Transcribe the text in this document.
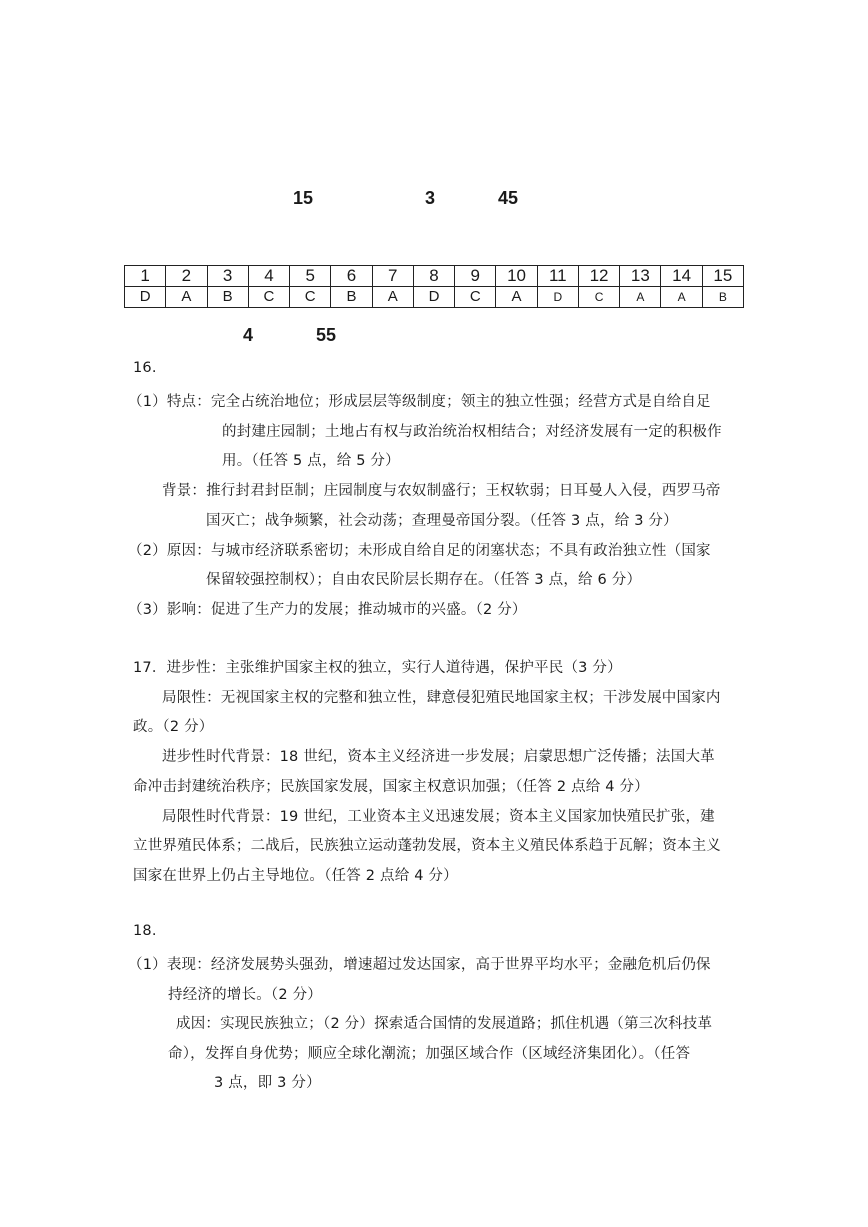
15	3	45
1	2	3	4	5	6	7	8	9	10	11	12	13	14	15
D	A	B	C	C	B	A	D	C	A	D	C	A	A	B
4	55
16.
（1）特点：完全占统治地位；形成层层等级制度；领主的独立性强；经营方式是自给自足
的封建庄园制；土地占有权与政治统治权相结合；对经济发展有一定的积极作
用。（任答 5 点，给 5 分）
背景：推行封君封臣制；庄园制度与农奴制盛行；王权软弱；日耳曼人入侵，西罗马帝
国灭亡；战争频繁，社会动荡；查理曼帝国分裂。（任答 3 点，给 3 分）
（2）原因：与城市经济联系密切；未形成自给自足的闭塞状态；不具有政治独立性（国家
保留较强控制权）；自由农民阶层长期存在。（任答 3 点，给 6 分）
（3）影响：促进了生产力的发展；推动城市的兴盛。（2 分）
17．进步性：主张维护国家主权的独立，实行人道待遇，保护平民（3 分）
局限性：无视国家主权的完整和独立性，肆意侵犯殖民地国家主权；干涉发展中国家内
政。（2 分）
进步性时代背景：18 世纪，资本主义经济进一步发展；启蒙思想广泛传播；法国大革
命冲击封建统治秩序；民族国家发展，国家主权意识加强；（任答 2 点给 4 分）
局限性时代背景：19 世纪，工业资本主义迅速发展；资本主义国家加快殖民扩张，建
立世界殖民体系；二战后，民族独立运动蓬勃发展，资本主义殖民体系趋于瓦解；资本主义
国家在世界上仍占主导地位。（任答 2 点给 4 分）
18.
（1）表现：经济发展势头强劲，增速超过发达国家，高于世界平均水平；金融危机后仍保
持经济的增长。（2 分）
成因：实现民族独立；（2 分）探索适合国情的发展道路；抓住机遇（第三次科技革
命），发挥自身优势；顺应全球化潮流；加强区域合作（区域经济集团化）。（任答
3 点，即 3 分）
